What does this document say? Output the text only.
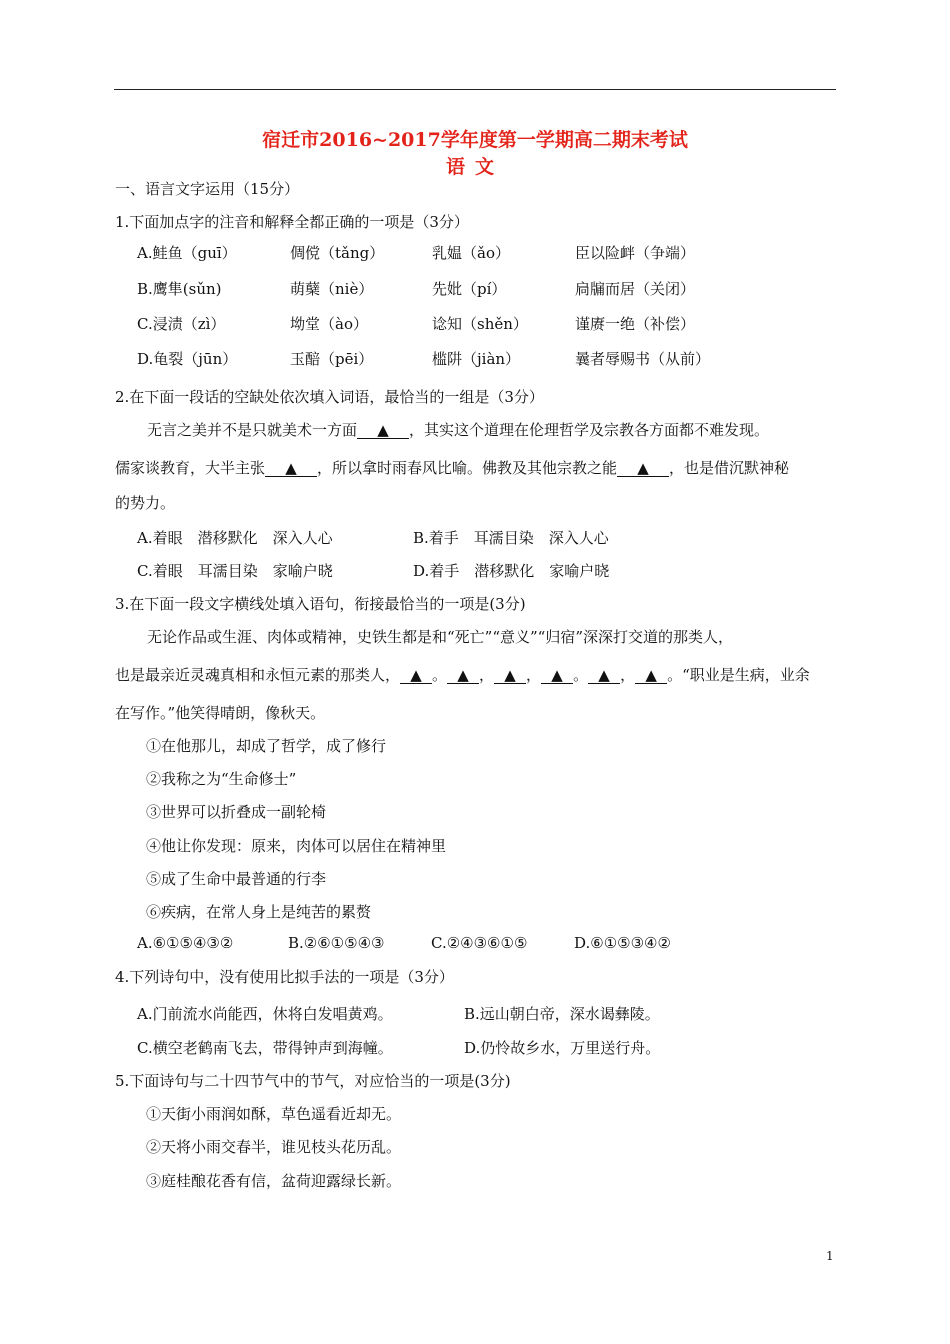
宿迁市2016~2017学年度第一学期高二期末考试
语文
一、语言文字运用（15分）
1.下面加点字的注音和解释全都正确的一项是（3分）
A.鲑鱼（guī）	倜傥（tǎng）	乳媪（ǎo）	臣以险衅（争端）
B.鹰隼(sǔn)	萌蘖（niè）	先妣（pí）	扃牖而居（关闭）
C.浸渍（zì）	坳堂（ào）	谂知（shěn）	谨赓一绝（补偿）
D.龟裂（jūn）	玉醅（pēi）	槛阱（jiàn）	曩者辱赐书（从前）
2.在下面一段话的空缺处依次填入词语，最恰当的一组是（3分）
无言之美并不是只就美术一方面 ▲ ，其实这个道理在伦理哲学及宗教各方面都不难发现。
儒家谈教育，大半主张 ▲ ，所以拿时雨春风比喻。佛教及其他宗教之能 ▲ ，也是借沉默神秘
的势力。
A.着眼　潜移默化　深入人心	B.着手　耳濡目染　深入人心
C.着眼　耳濡目染　家喻户晓	D.着手　潜移默化　家喻户晓
3.在下面一段文字横线处填入语句，衔接最恰当的一项是(3分)
无论作品或生涯、肉体或精神，史铁生都是和“死亡”“意义”“归宿”深深打交道的那类人，
也是最亲近灵魂真相和永恒元素的那类人， ▲ 。 ▲ ， ▲ ， ▲ 。 ▲ ， ▲ 。“职业是生病，业余
在写作。”他笑得晴朗，像秋天。
①在他那儿，却成了哲学，成了修行
②我称之为“生命修士”
③世界可以折叠成一副轮椅
④他让你发现：原来，肉体可以居住在精神里
⑤成了生命中最普通的行李
⑥疾病，在常人身上是纯苦的累赘
A.⑥①⑤④③②	B.②⑥①⑤④③	C.②④③⑥①⑤	D.⑥①⑤③④②
4.下列诗句中，没有使用比拟手法的一项是（3分）
A.门前流水尚能西，休将白发唱黄鸡。	B.远山朝白帝，深水谒彝陵。
C.横空老鹤南飞去，带得钟声到海幢。	D.仍怜故乡水，万里送行舟。
5.下面诗句与二十四节气中的节气，对应恰当的一项是(3分)
①天街小雨润如酥，草色遥看近却无。
②天将小雨交春半，谁见枝头花历乱。
③庭桂酿花香有信，盆荷迎露绿长新。
1
